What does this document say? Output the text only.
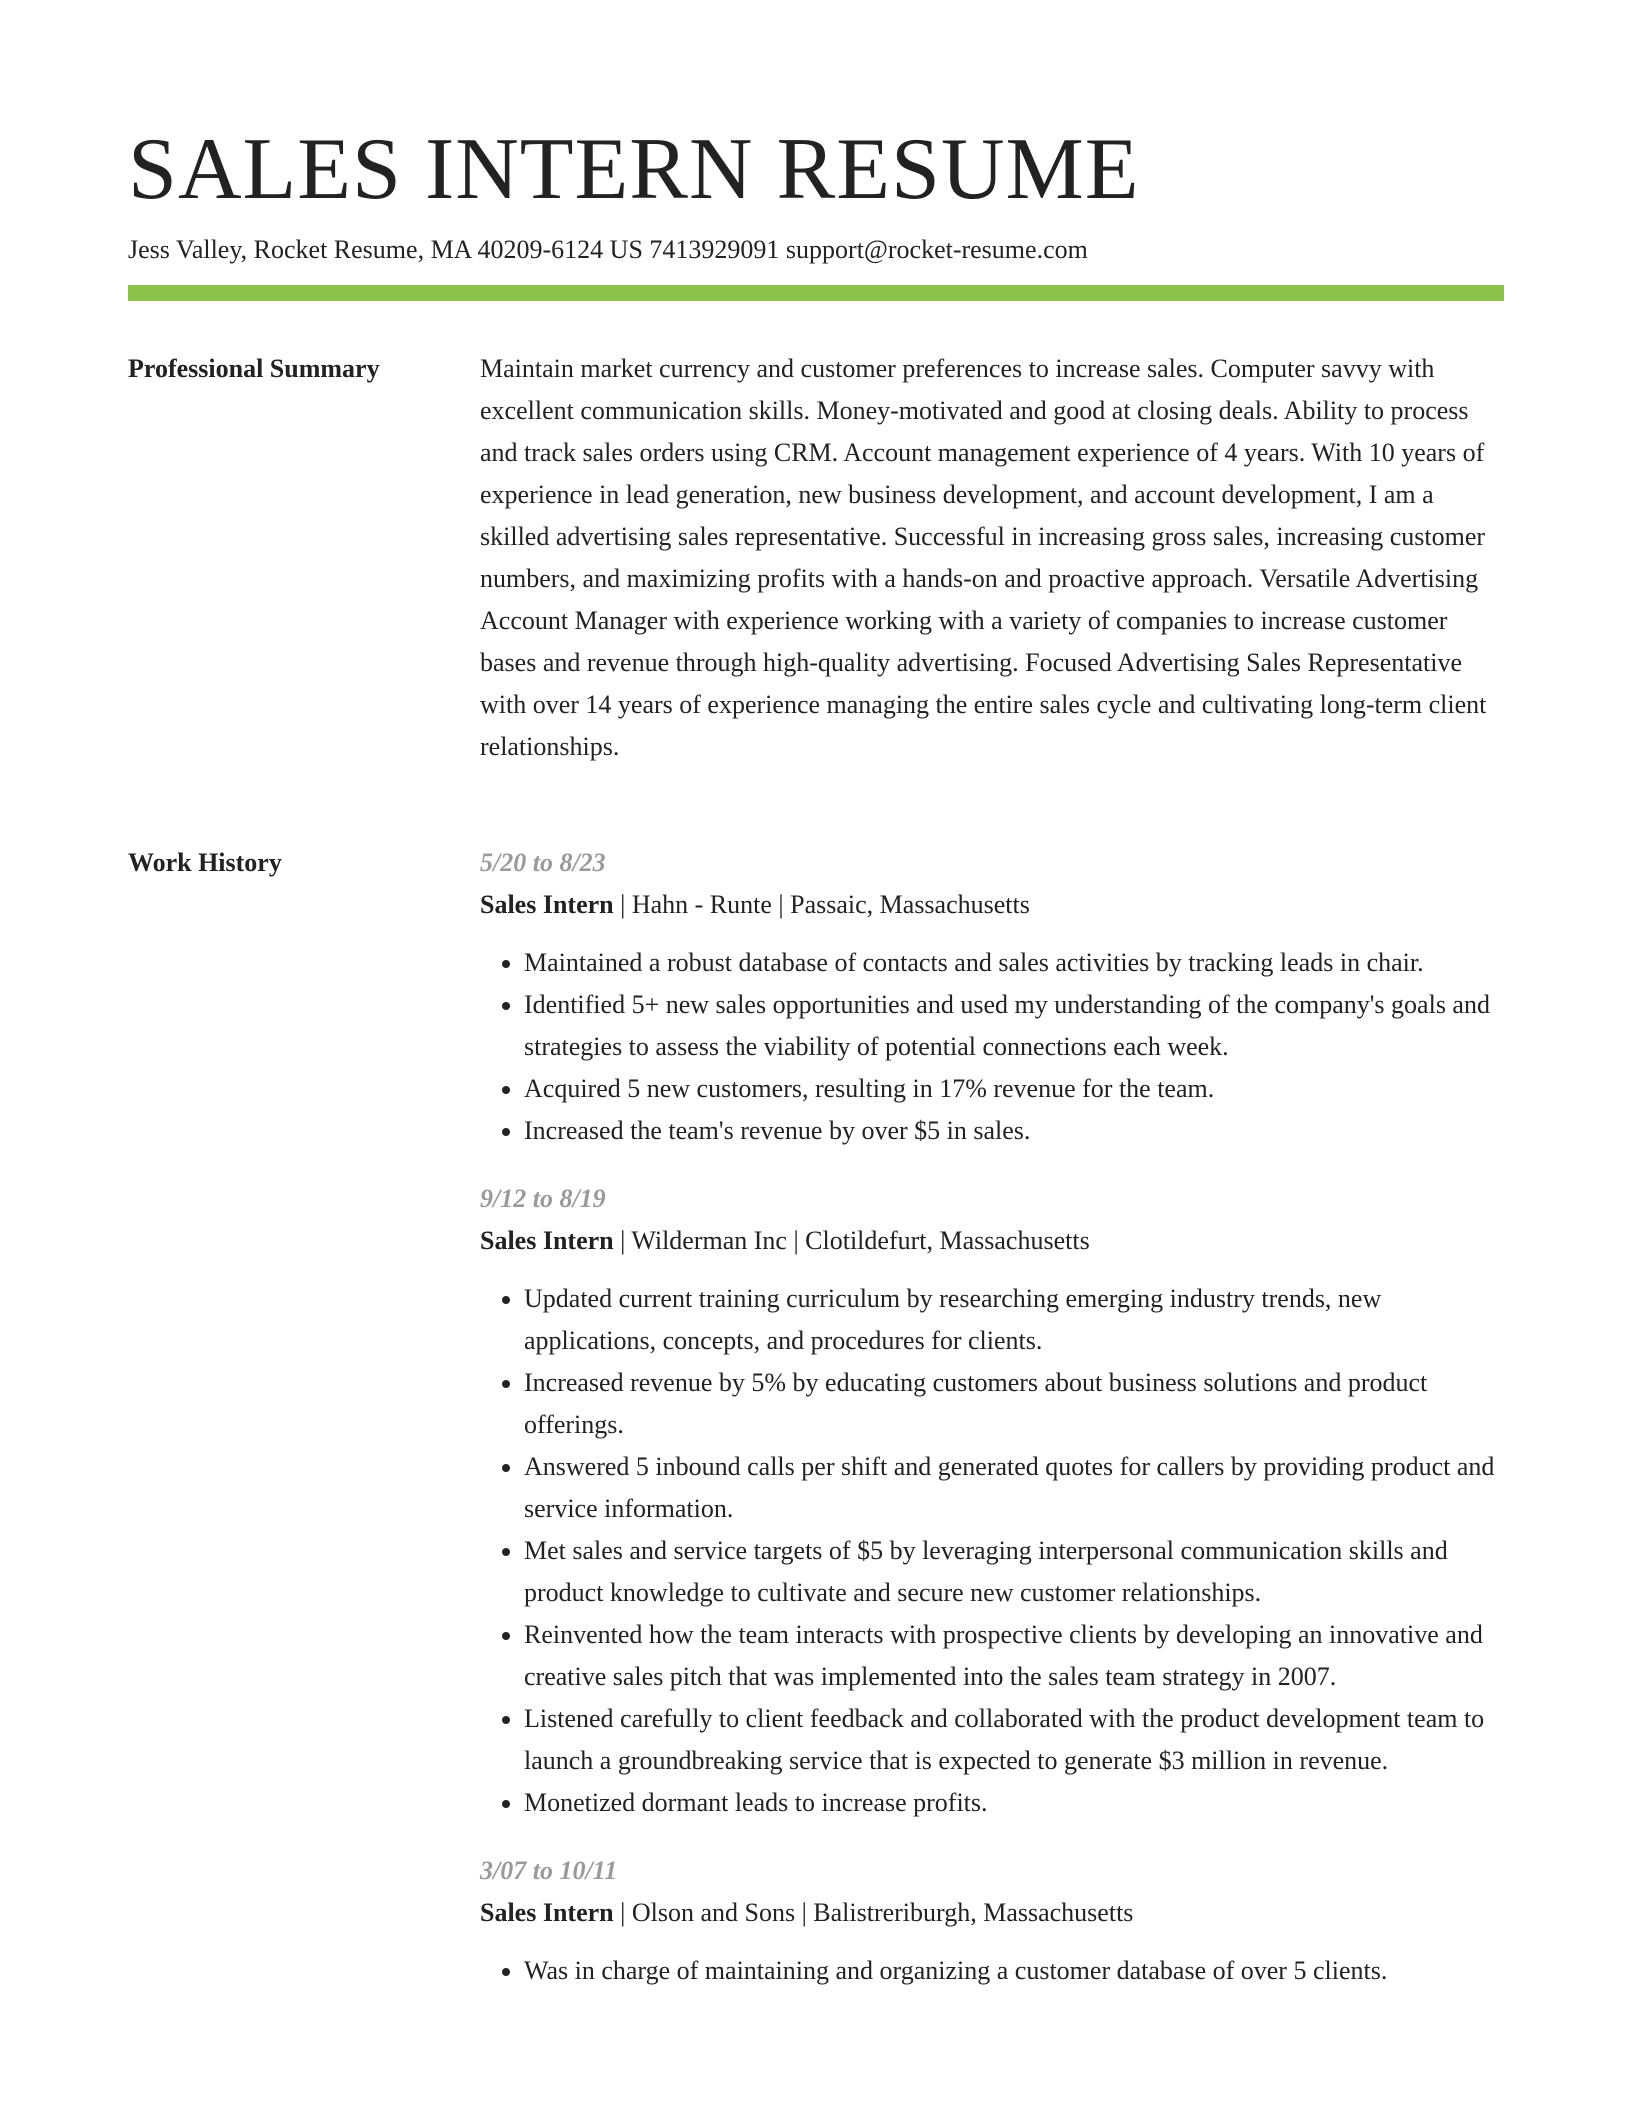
SALES INTERN RESUME
Jess Valley, Rocket Resume, MA 40209-6124 US 7413929091 support@rocket-resume.com
Professional Summary	Maintain market currency and customer preferences to increase sales. Computer savvy with excellent communication skills. Money-motivated and good at closing deals. Ability to process and track sales orders using CRM. Account management experience of 4 years. With 10 years of experience in lead generation, new business development, and account development, I am a skilled advertising sales representative. Successful in increasing gross sales, increasing customer numbers, and maximizing profits with a hands-on and proactive approach. Versatile Advertising Account Manager with experience working with a variety of companies to increase customer bases and revenue through high-quality advertising. Focused Advertising Sales Representative with over 14 years of experience managing the entire sales cycle and cultivating long-term client relationships.

Work History	5/20 to 8/23
Sales Intern | Hahn - Runte | Passaic, Massachusetts
• Maintained a robust database of contacts and sales activities by tracking leads in chair.
• Identified 5+ new sales opportunities and used my understanding of the company's goals and strategies to assess the viability of potential connections each week.
• Acquired 5 new customers, resulting in 17% revenue for the team.
• Increased the team's revenue by over $5 in sales.
9/12 to 8/19
Sales Intern | Wilderman Inc | Clotildefurt, Massachusetts
• Updated current training curriculum by researching emerging industry trends, new applications, concepts, and procedures for clients.
• Increased revenue by 5% by educating customers about business solutions and product offerings.
• Answered 5 inbound calls per shift and generated quotes for callers by providing product and service information.
• Met sales and service targets of $5 by leveraging interpersonal communication skills and product knowledge to cultivate and secure new customer relationships.
• Reinvented how the team interacts with prospective clients by developing an innovative and creative sales pitch that was implemented into the sales team strategy in 2007.
• Listened carefully to client feedback and collaborated with the product development team to launch a groundbreaking service that is expected to generate $3 million in revenue.
• Monetized dormant leads to increase profits.
3/07 to 10/11
Sales Intern | Olson and Sons | Balistreriburgh, Massachusetts
• Was in charge of maintaining and organizing a customer database of over 5 clients.
